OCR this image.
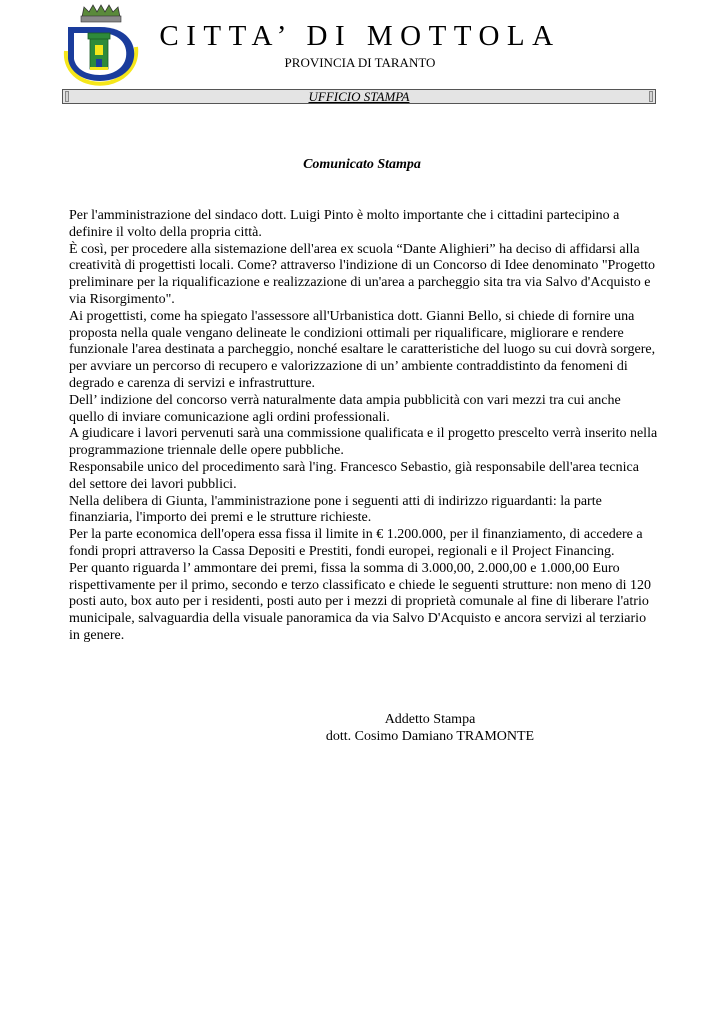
CITTA’ DI MOTTOLA
PROVINCIA DI TARANTO
UFFICIO STAMPA
Comunicato Stampa

Per l'amministrazione del sindaco dott. Luigi Pinto è molto importante che i cittadini partecipino a definire il volto della propria città.

È così, per procedere alla sistemazione dell'area ex scuola “Dante Alighieri” ha deciso di affidarsi alla creatività di progettisti locali. Come? attraverso l'indizione di un Concorso di Idee denominato "Progetto preliminare per la riqualificazione e realizzazione di un'area a parcheggio sita tra via Salvo d'Acquisto e via Risorgimento".

Ai progettisti, come ha spiegato l'assessore all'Urbanistica dott. Gianni Bello, si chiede di fornire una proposta nella quale vengano delineate le condizioni ottimali per riqualificare, migliorare e rendere funzionale l'area destinata a parcheggio, nonché esaltare le caratteristiche del luogo su cui dovrà sorgere, per avviare un percorso di recupero e valorizzazione di un’ ambiente contraddistinto da fenomeni di degrado e carenza di servizi e infrastrutture.

Dell’ indizione del concorso verrà naturalmente data ampia pubblicità con vari mezzi tra cui anche quello di inviare comunicazione agli ordini professionali.

A giudicare i lavori pervenuti sarà una commissione qualificata e il progetto prescelto verrà inserito nella programmazione triennale delle opere pubbliche.

Responsabile unico del procedimento sarà l'ing. Francesco Sebastio, già responsabile dell'area tecnica del settore dei lavori pubblici.

Nella delibera di Giunta, l'amministrazione pone i seguenti atti di indirizzo riguardanti: la parte finanziaria, l'importo dei premi e le strutture richieste.

Per la parte economica dell'opera essa fissa il limite in € 1.200.000, per il finanziamento, di accedere a fondi propri attraverso la Cassa Depositi e Prestiti, fondi europei, regionali e il Project Financing.

Per quanto riguarda l’ ammontare dei premi, fissa la somma di 3.000,00, 2.000,00 e 1.000,00 Euro rispettivamente per il primo, secondo e terzo classificato e chiede le seguenti strutture: non meno di 120 posti auto, box auto per i residenti, posti auto per i mezzi di proprietà comunale al fine di liberare l'atrio municipale, salvaguardia della visuale panoramica da via Salvo D'Acquisto e ancora servizi al terziario in genere.

Addetto Stampa
dott. Cosimo Damiano TRAMONTE
